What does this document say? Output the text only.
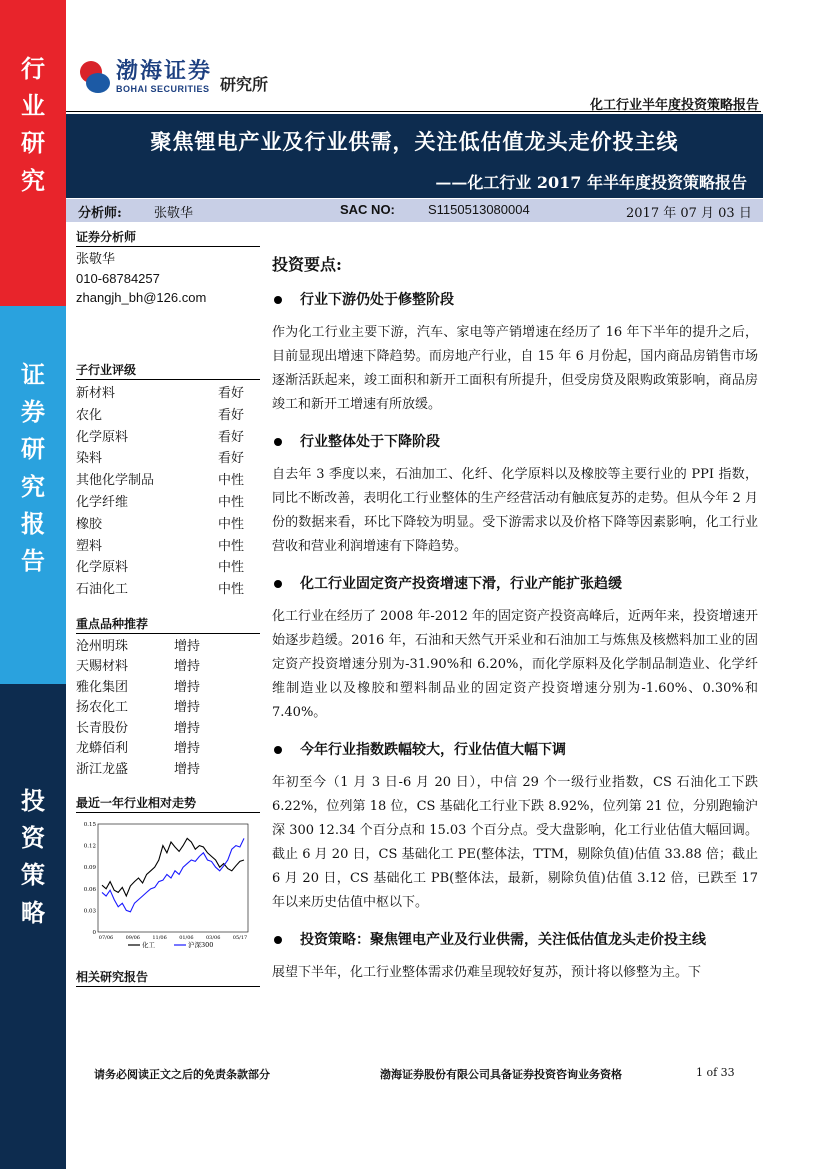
行
业
研
究
证
券
研
究
报
告
投
资
策
略
渤海证券
BOHAI SECURITIES 研究所
化工行业半年度投资策略报告
聚焦锂电产业及行业供需，关注低估值龙头走价投主线
——化工行业 2017 年半年度投资策略报告
分析师: 张敬华	SAC NO:	S1150513080004	2017 年 07 月 03 日
证券分析师
张敬华
010-68784257
zhangjh_bh@126.com
子行业评级
新材料	看好
农化	看好
化学原料	看好
染料	看好
其他化学制品	中性
化学纤维	中性
橡胶	中性
塑料	中性
化学原料	中性
石油化工	中性
重点品种推荐
沧州明珠	增持
天赐材料	增持
雅化集团	增持
扬农化工	增持
长青股份	增持
龙蟒佰利	增持
浙江龙盛	增持
最近一年行业相对走势
0
0.03
0.06
0.09
0.12
0.15
07/06 09/06 11/06 01/06 03/06 05/17
化工	沪深300
相关研究报告
投资要点:
行业下游仍处于修整阶段
作为化工行业主要下游，汽车、家电等产销增速在经历了 16 年下半年的提升之后，目前显现出增速下降趋势。而房地产行业，自 15 年 6 月份起，国内商品房销售市场逐渐活跃起来，竣工面积和新开工面积有所提升，但受房贷及限购政策影响，商品房竣工和新开工增速有所放缓。
行业整体处于下降阶段
自去年 3 季度以来，石油加工、化纤、化学原料以及橡胶等主要行业的 PPI 指数，同比不断改善，表明化工行业整体的生产经营活动有触底复苏的走势。但从今年 2 月份的数据来看，环比下降较为明显。受下游需求以及价格下降等因素影响，化工行业营收和营业利润增速有下降趋势。
化工行业固定资产投资增速下滑，行业产能扩张趋缓
化工行业在经历了 2008 年-2012 年的固定资产投资高峰后，近两年来，投资增速开始逐步趋缓。2016 年，石油和天然气开采业和石油加工与炼焦及核燃料加工业的固定资产投资增速分别为-31.90%和 6.20%，而化学原料及化学制品制造业、化学纤维制造业以及橡胶和塑料制品业的固定资产投资增速分别为-1.60%、0.30%和 7.40%。
今年行业指数跌幅较大，行业估值大幅下调
年初至今（1 月 3 日-6 月 20 日），中信 29 个一级行业指数，CS 石油化工下跌 6.22%，位列第 18 位，CS 基础化工行业下跌 8.92%，位列第 21 位，分别跑输沪深 300 12.34 个百分点和 15.03 个百分点。受大盘影响，化工行业估值大幅回调。截止 6 月 20 日，CS 基础化工 PE(整体法，TTM，剔除负值)估值 33.88 倍；截止 6 月 20 日，CS 基础化工 PB(整体法，最新，剔除负值)估值 3.12 倍，已跌至 17 年以来历史估值中枢以下。
投资策略：聚焦锂电产业及行业供需，关注低估值龙头走价投主线
展望下半年，化工行业整体需求仍难呈现较好复苏，预计将以修整为主。下
请务必阅读正文之后的免责条款部分	渤海证券股份有限公司具备证券投资咨询业务资格	1 of 33
